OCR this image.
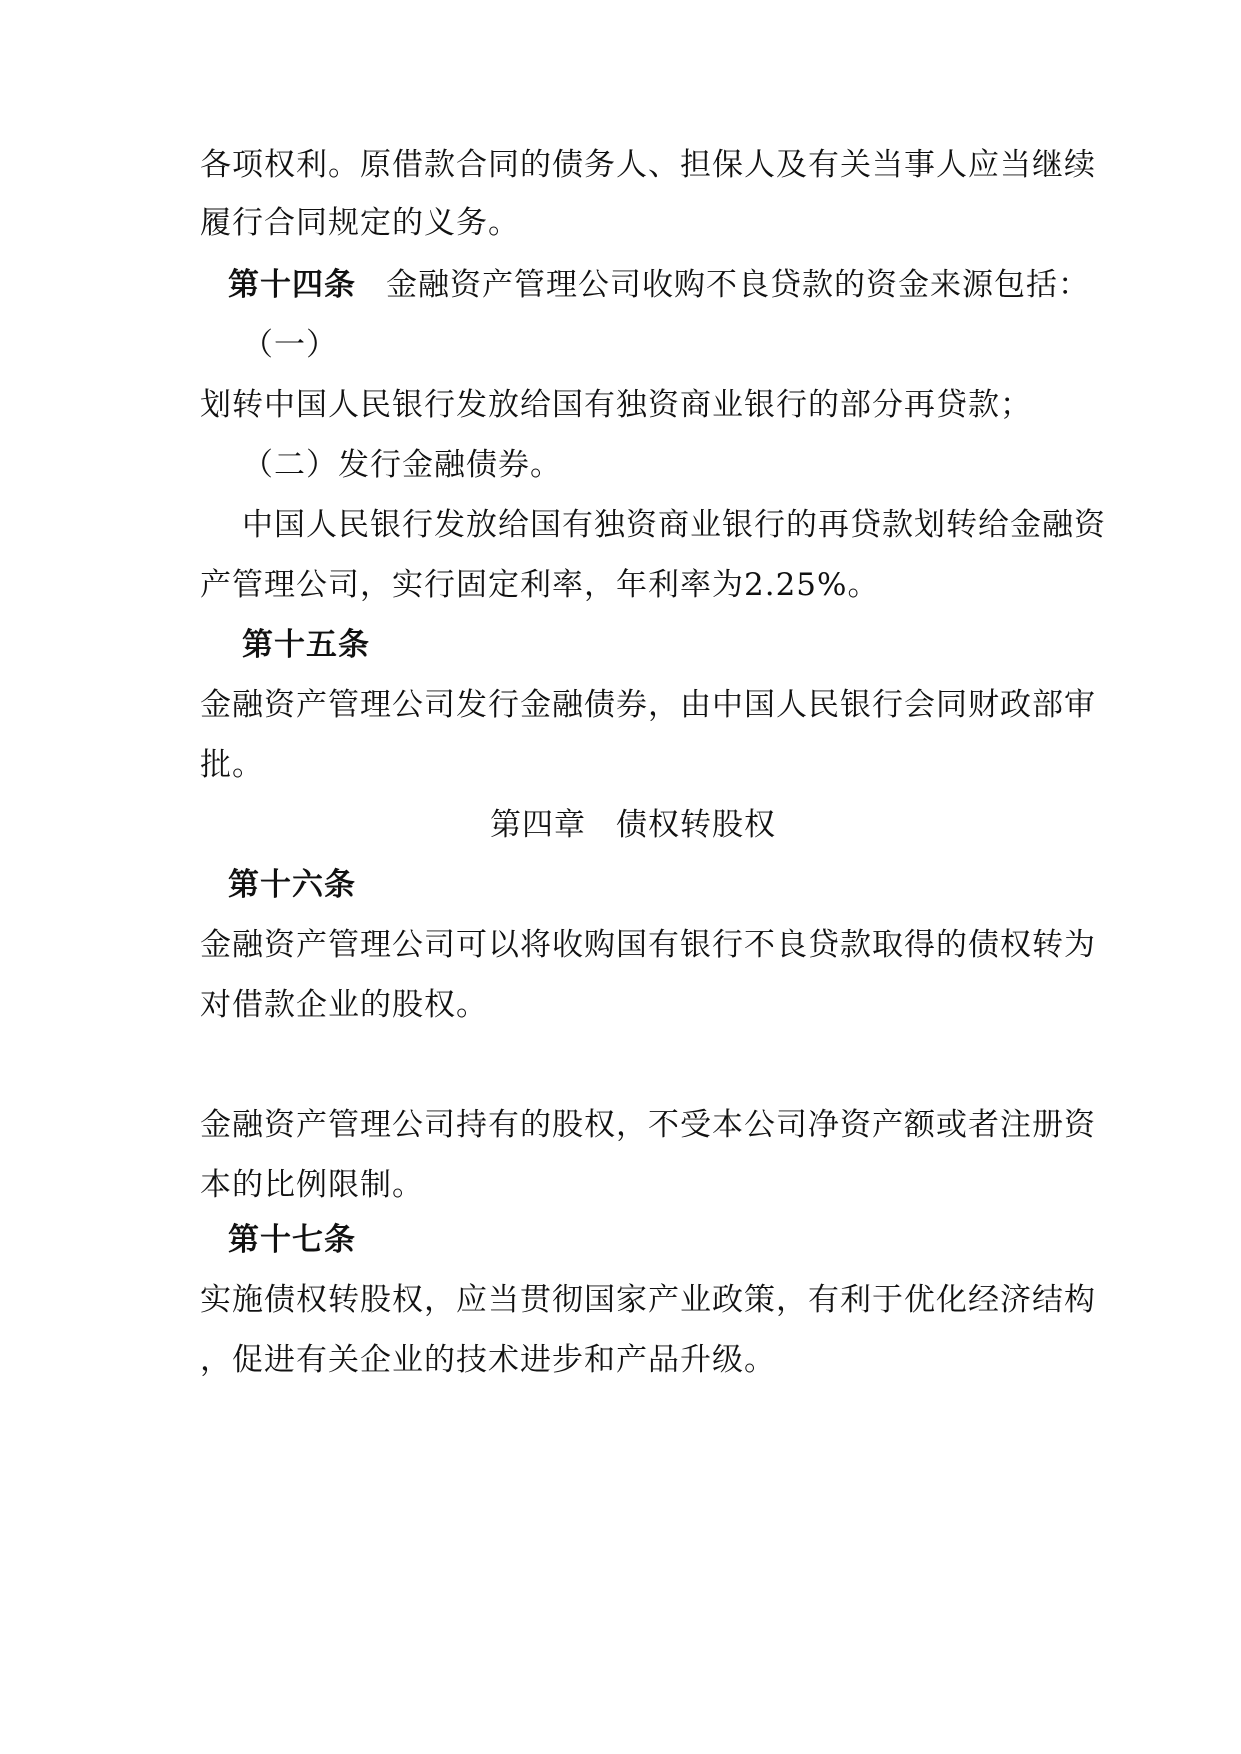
各项权利。原借款合同的债务人、担保人及有关当事人应当继续
履行合同规定的义务。
第十四条 金融资产管理公司收购不良贷款的资金来源包括：
（一）
划转中国人民银行发放给国有独资商业银行的部分再贷款；
（二）发行金融债券。
中国人民银行发放给国有独资商业银行的再贷款划转给金融资
产管理公司，实行固定利率，年利率为2.25%。
第十五条
金融资产管理公司发行金融债券，由中国人民银行会同财政部审
批。
第四章 债权转股权
第十六条
金融资产管理公司可以将收购国有银行不良贷款取得的债权转为
对借款企业的股权。
金融资产管理公司持有的股权，不受本公司净资产额或者注册资
本的比例限制。
第十七条
实施债权转股权，应当贯彻国家产业政策，有利于优化经济结构
，促进有关企业的技术进步和产品升级。
